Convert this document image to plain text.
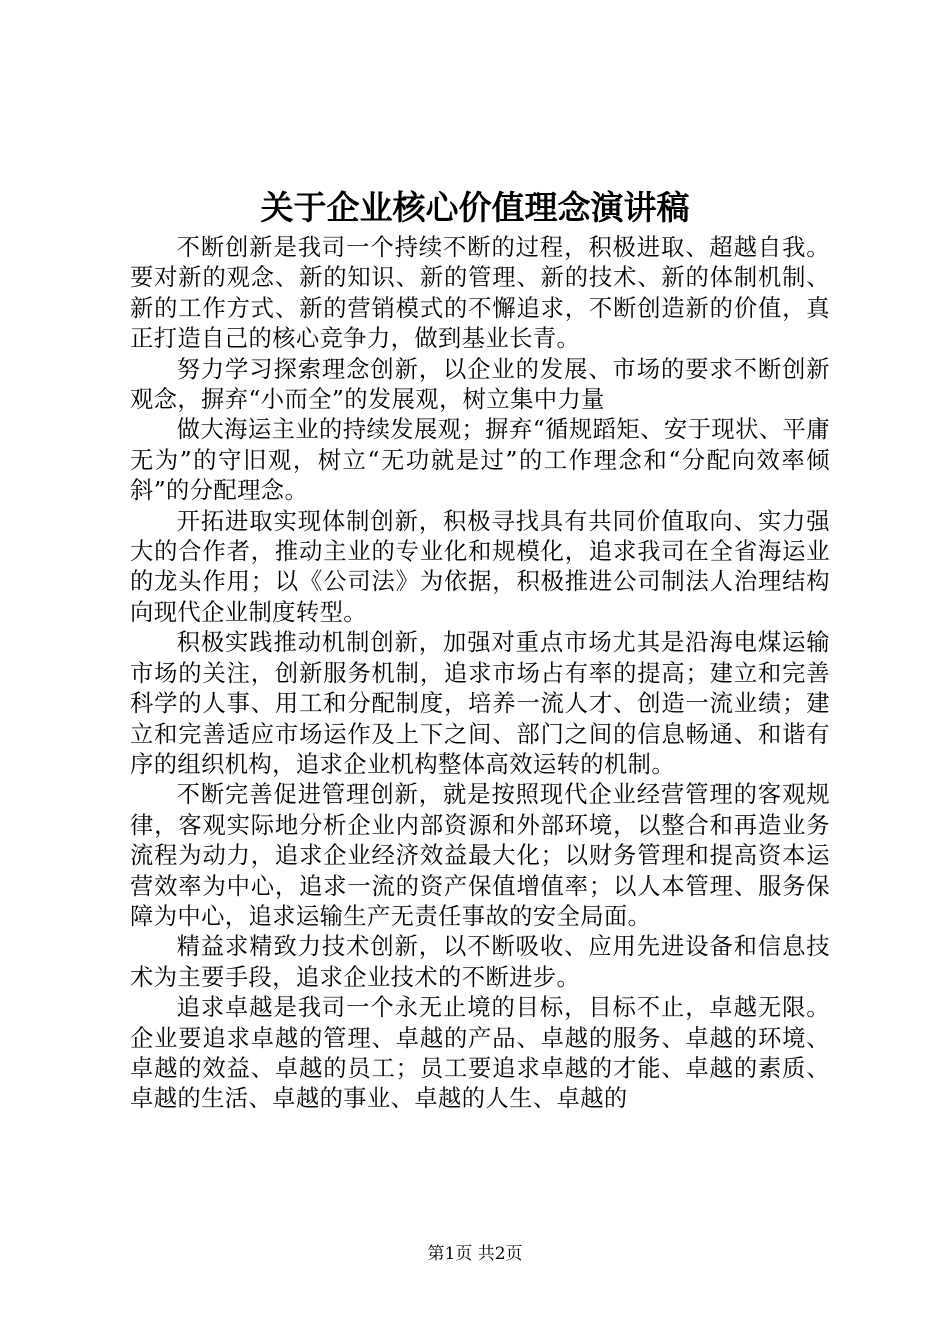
关于企业核心价值理念演讲稿

不断创新是我司一个持续不断的过程，积极进取、超越自我。要对新的观念、新的知识、新的管理、新的技术、新的体制机制、新的工作方式、新的营销模式的不懈追求，不断创造新的价值，真正打造自己的核心竞争力，做到基业长青。

努力学习探索理念创新，以企业的发展、市场的要求不断创新观念，摒弃“小而全”的发展观，树立集中力量

做大海运主业的持续发展观；摒弃“循规蹈矩、安于现状、平庸无为”的守旧观，树立“无功就是过”的工作理念和“分配向效率倾斜”的分配理念。

开拓进取实现体制创新，积极寻找具有共同价值取向、实力强大的合作者，推动主业的专业化和规模化，追求我司在全省海运业的龙头作用；以《公司法》为依据，积极推进公司制法人治理结构向现代企业制度转型。

积极实践推动机制创新，加强对重点市场尤其是沿海电煤运输市场的关注，创新服务机制，追求市场占有率的提高；建立和完善科学的人事、用工和分配制度，培养一流人才、创造一流业绩；建立和完善适应市场运作及上下之间、部门之间的信息畅通、和谐有序的组织机构，追求企业机构整体高效运转的机制。

不断完善促进管理创新，就是按照现代企业经营管理的客观规律，客观实际地分析企业内部资源和外部环境，以整合和再造业务流程为动力，追求企业经济效益最大化；以财务管理和提高资本运营效率为中心，追求一流的资产保值增值率；以人本管理、服务保障为中心，追求运输生产无责任事故的安全局面。

精益求精致力技术创新，以不断吸收、应用先进设备和信息技术为主要手段，追求企业技术的不断进步。

追求卓越是我司一个永无止境的目标，目标不止，卓越无限。企业要追求卓越的管理、卓越的产品、卓越的服务、卓越的环境、卓越的效益、卓越的员工；员工要追求卓越的才能、卓越的素质、卓越的生活、卓越的事业、卓越的人生、卓越的

第1页 共2页
